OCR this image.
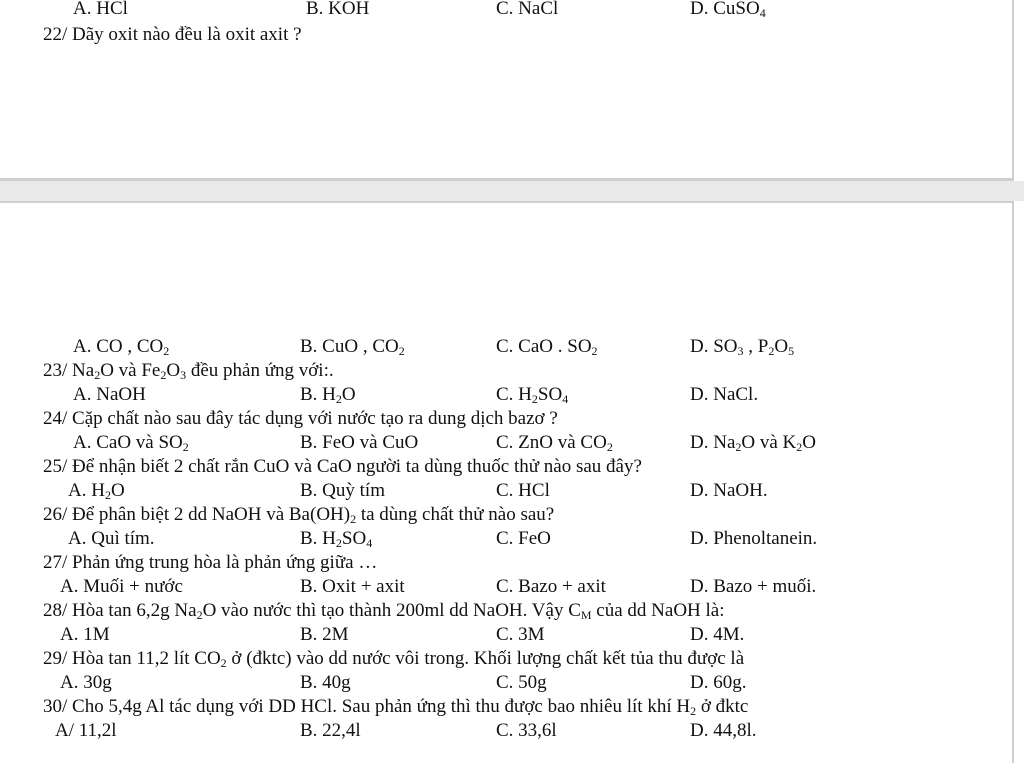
A. HCl	B. KOH	C. NaCl	D. CuSO$_4$
22/ Dãy oxit nào đều là oxit axit ?
A. CO , $CO_2$	B. CuO , $CO_2$	C. CaO . $SO_2$	D. $SO_3$ , $P_2O_5$
23/ $Na_2O$ và $Fe_2O_3$ đều phản ứng với:.
A. NaOH	B. $H_2O$	C. $H_2SO_4$	D. NaCl.
24/ Cặp chất nào sau đây tác dụng với nước tạo ra dung dịch bazơ ?
A. CaO và $SO_2$	B. FeO và CuO	C. ZnO và $CO_2$	D. $Na_2O$ và $K_2O$
25/ Để nhận biết 2 chất rắn CuO và CaO người ta dùng thuốc thử nào sau đây?
A. $H_2O$	B. Quỳ tím	C. HCl	D. NaOH.
26/ Để phân biệt 2 dd NaOH và $Ba(OH)_2$ ta dùng chất thử nào sau?
A. Quì tím.	B. $H_2SO_4$	C. FeO	D. Phenoltanein.
27/ Phản ứng trung hòa là phản ứng giữa …
A. Muối + nước	B. Oxit + axit	C. Bazo + axit	D. Bazo + muối.
28/ Hòa tan 6,2g $Na_2O$ vào nước thì tạo thành 200ml dd NaOH. Vậy $C_M$ của dd NaOH là:
A. 1M	B. 2M	C. 3M	D. 4M.
29/ Hòa tan 11,2 lít $CO_2$ ở (đktc) vào dd nước vôi trong. Khối lượng chất kết tủa thu được là
A. 30g	B. 40g	C. 50g	D. 60g.
30/ Cho 5,4g Al tác dụng với DD HCl. Sau phản ứng thì thu được bao nhiêu lít khí $H_2$ ở đktc
A/ 11,2l	B. 22,4l	C. 33,6l	D. 44,8l.
